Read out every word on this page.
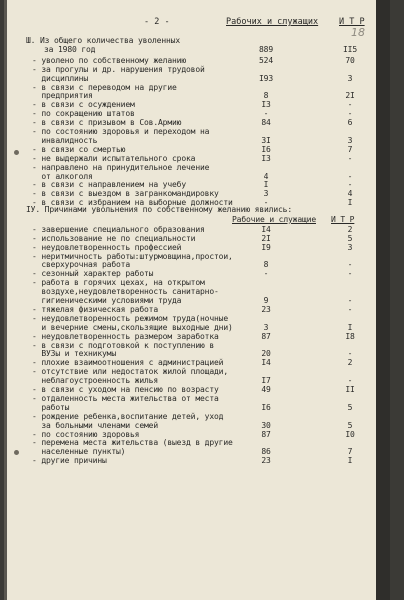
- 2 -	Рабочих и служащих И Т Р
18
Ш. Из общего количества уволенных
за 1980 год	889	II5
- уволено по собственному желанию	524	70
- за прогулы и др. нарушения трудовой
дисциплины	I93	3
- в связи с переводом на другие
предприятия	8	2I
- в связи с осуждением	I3	-
- по сокращению штатов	-	-
- в связи с призывом в Сов.Армию	84	6
- по состоянию здоровья и переходом на
инвалидность	3I	3
- в связи со смертью	I6	7
- не выдержали испытательного срока	I3	-
- направлено на принудительное лечение
от алкоголя	4	-
- в связи с направлением на учебу	I	-
- в связи с выездом в загранкомандировку	3	4
- в связи с избранием на выборные должности	-	I
IУ. Причинами увольнения по собственному желанию явились:
Рабочие и служащие И Т Р
- завершение специального образования	I4	2
- использование не по специальности	2I	5
- неудовлетворенность профессией	I9	3
- неритмичность работы:штурмовщина,простои,
сверхурочная работа	8	-
- сезонный характер работы	-	-
- работа в горячих цехах, на открытом
воздухе,неудовлетворенность санитарно-
гигиеническими условиями труда	9	-
- тяжелая физическая работа	23	-
- неудовлетворенность режимом труда(ночные
и вечерние смены,скользящие выходные дни)	3	I
- неудовлетворенность размером заработка	87	I8
- в связи с подготовкой к поступлению в
ВУЗы и техникумы	20	-
- плохие взаимоотношения с администрацией	I4	2
- отсутствие или недостаток жилой площади,
неблагоустроенность жилья	I7	-
- в связи с уходом на пенсию по возрасту	49	II
- отдаленность места жительства от места
работы	I6	5
- рождение ребенка,воспитание детей, уход
за больными членами семей	30	5
- по состоянию здоровья	87	I0
- перемена места жительства (выезд в другие
населенные пункты)	86	7
- другие причины	23	I
